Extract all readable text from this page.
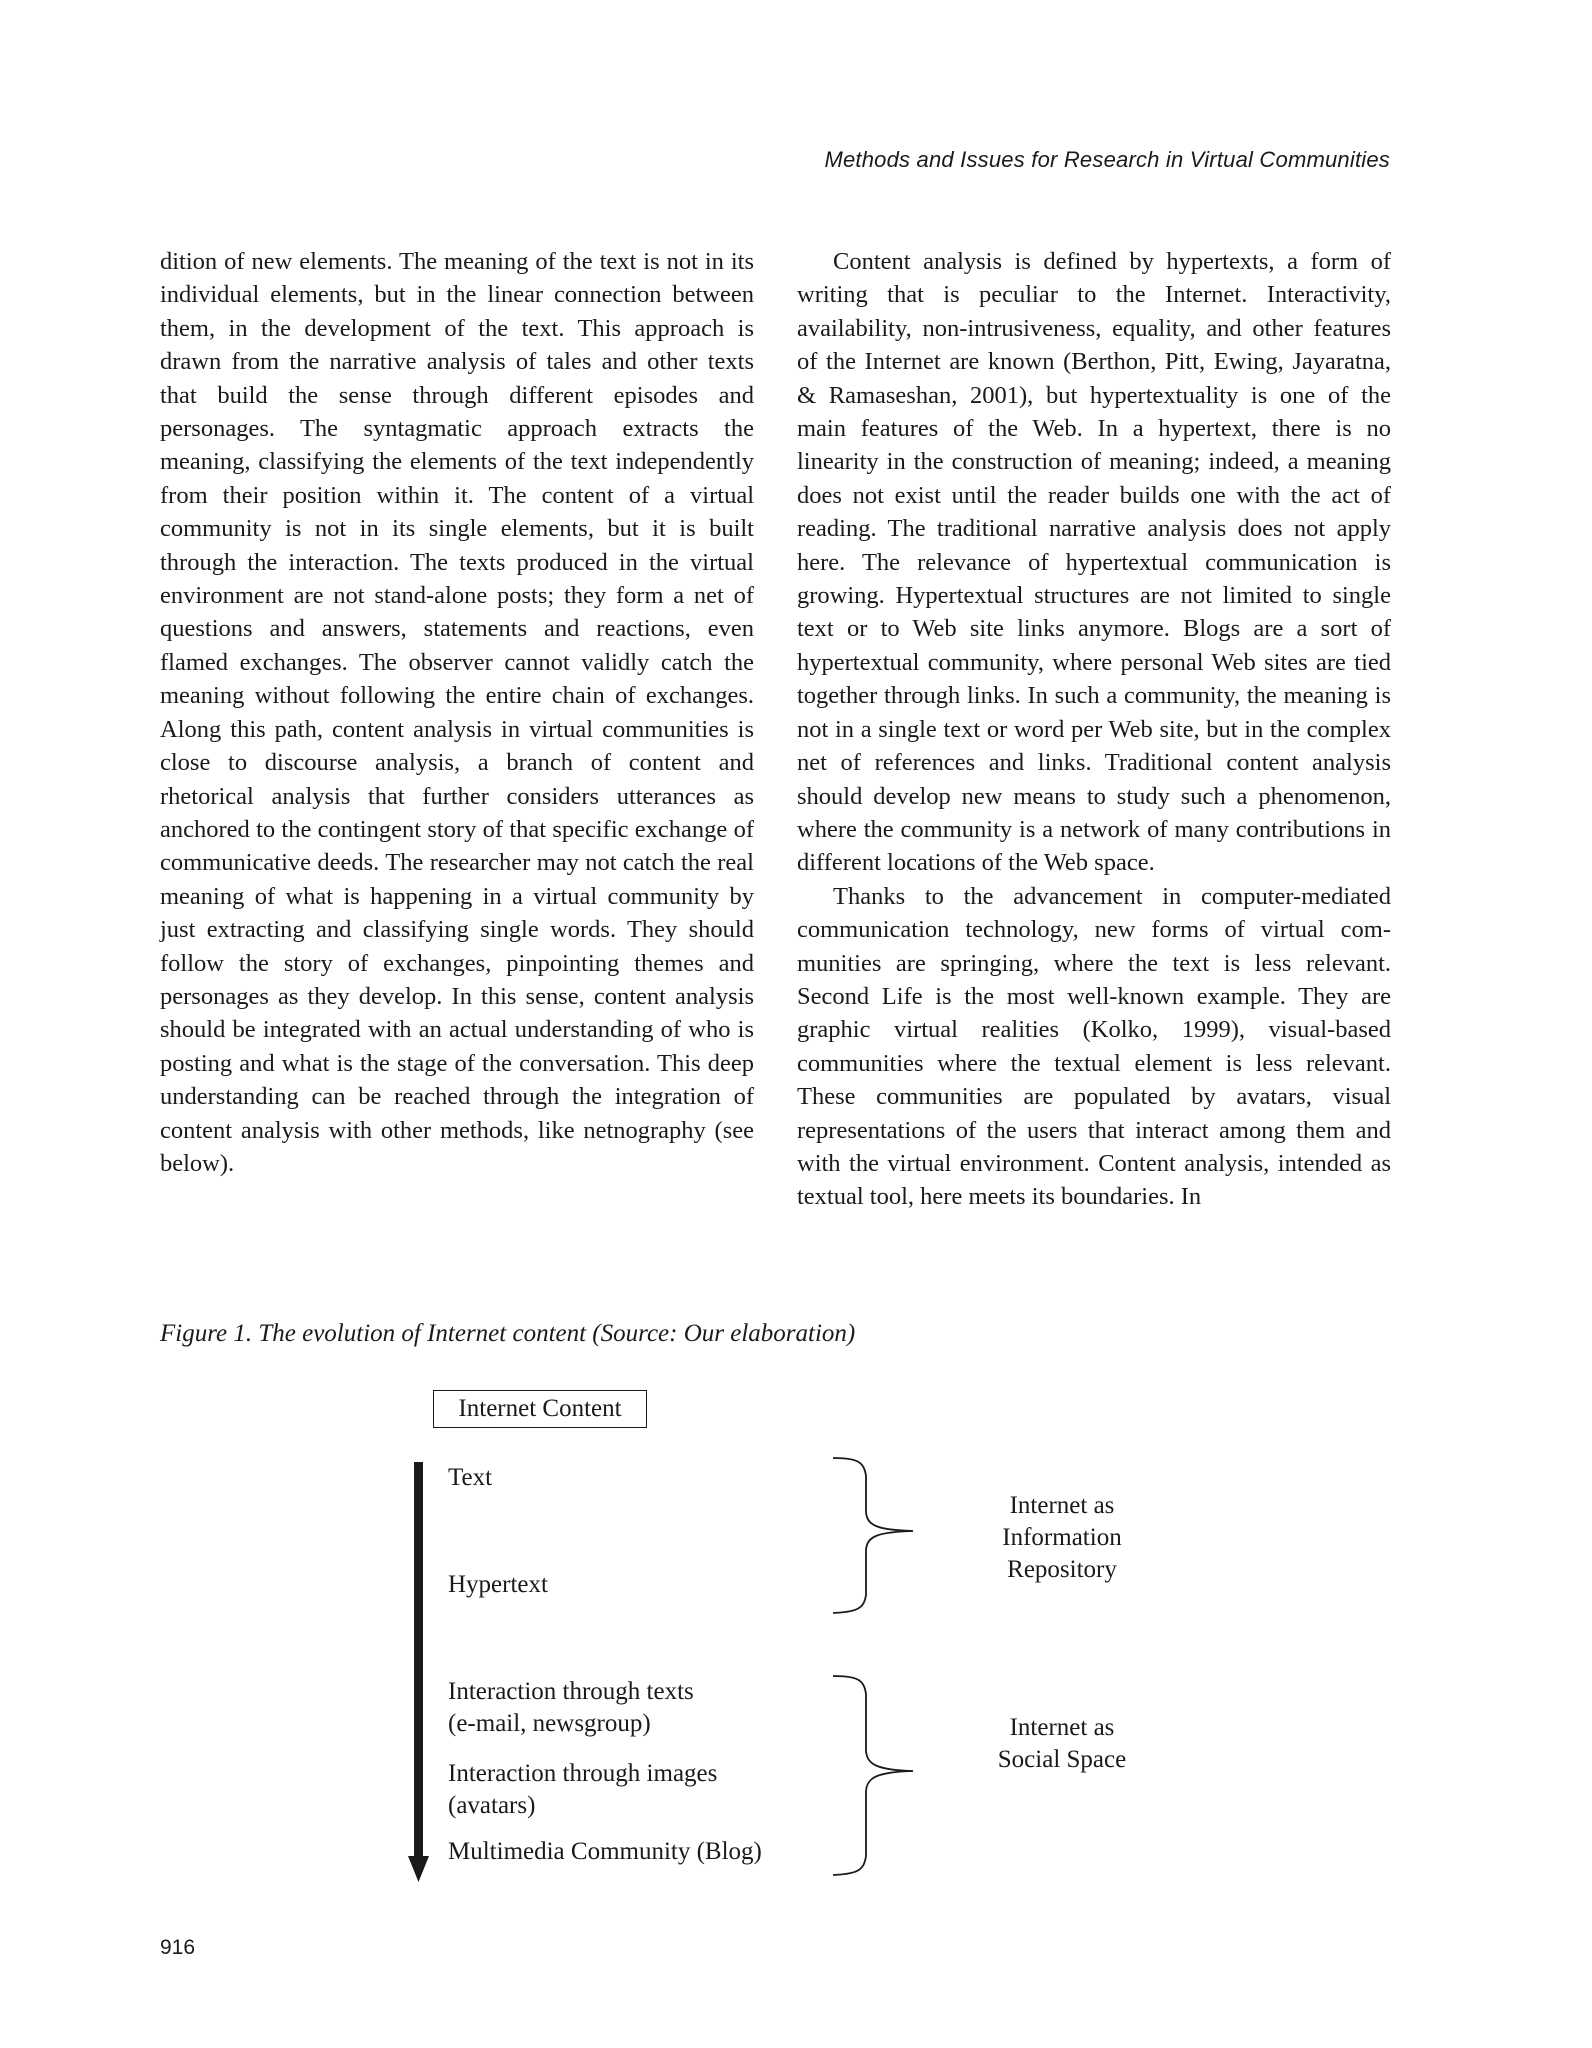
Methods and Issues for Research in Virtual Communities

dition of new elements. The meaning of the text is not in its individual elements, but in the linear connection between them, in the development of the text. This approach is drawn from the narrative analysis of tales and other texts that build the sense through different episodes and personages. The syntagmatic approach extracts the meaning, classifying the elements of the text independently from their position within it. The content of a virtual community is not in its single elements, but it is built through the interaction. The texts produced in the virtual environment are not stand-alone posts; they form a net of questions and answers, statements and reactions, even flamed exchanges. The observer cannot validly catch the meaning without following the entire chain of exchanges. Along this path, content analysis in virtual communities is close to discourse analysis, a branch of content and rhetorical analysis that further considers utterances as anchored to the contingent story of that specific exchange of communicative deeds. The researcher may not catch the real meaning of what is happening in a virtual community by just extracting and classifying single words. They should follow the story of exchanges, pinpointing themes and personages as they develop. In this sense, content analysis should be integrated with an actual understanding of who is posting and what is the stage of the conversation. This deep understanding can be reached through the integration of content analysis with other methods, like netnography (see below).

Content analysis is defined by hypertexts, a form of writing that is peculiar to the Internet. Interactivity, availability, non-intrusiveness, equality, and other features of the Internet are known (Berthon, Pitt, Ewing, Jayaratna, & Ramaseshan, 2001), but hypertextuality is one of the main features of the Web. In a hypertext, there is no linearity in the construction of meaning; indeed, a meaning does not exist until the reader builds one with the act of reading. The traditional narrative analysis does not apply here. The relevance of hypertextual communication is growing. Hypertextual structures are not limited to single text or to Web site links anymore. Blogs are a sort of hypertextual community, where personal Web sites are tied together through links. In such a community, the meaning is not in a single text or word per Web site, but in the complex net of references and links. Traditional content analysis should develop new means to study such a phenomenon, where the community is a network of many contributions in different locations of the Web space.

Thanks to the advancement in computer-mediated communication technology, new forms of virtual communities are springing, where the text is less relevant. Second Life is the most well-known example. They are graphic virtual realities (Kolko, 1999), visual-based communities where the textual element is less relevant. These communities are populated by avatars, visual representations of the users that interact among them and with the virtual environment. Content analysis, intended as textual tool, here meets its boundaries. In

Figure 1. The evolution of Internet content (Source: Our elaboration)
Internet Content
Text
Hypertext
Interaction through texts
(e-mail, newsgroup)
Interaction through images
(avatars)
Multimedia Community (Blog)
Internet as
Information
Repository
Internet as
Social Space
916
